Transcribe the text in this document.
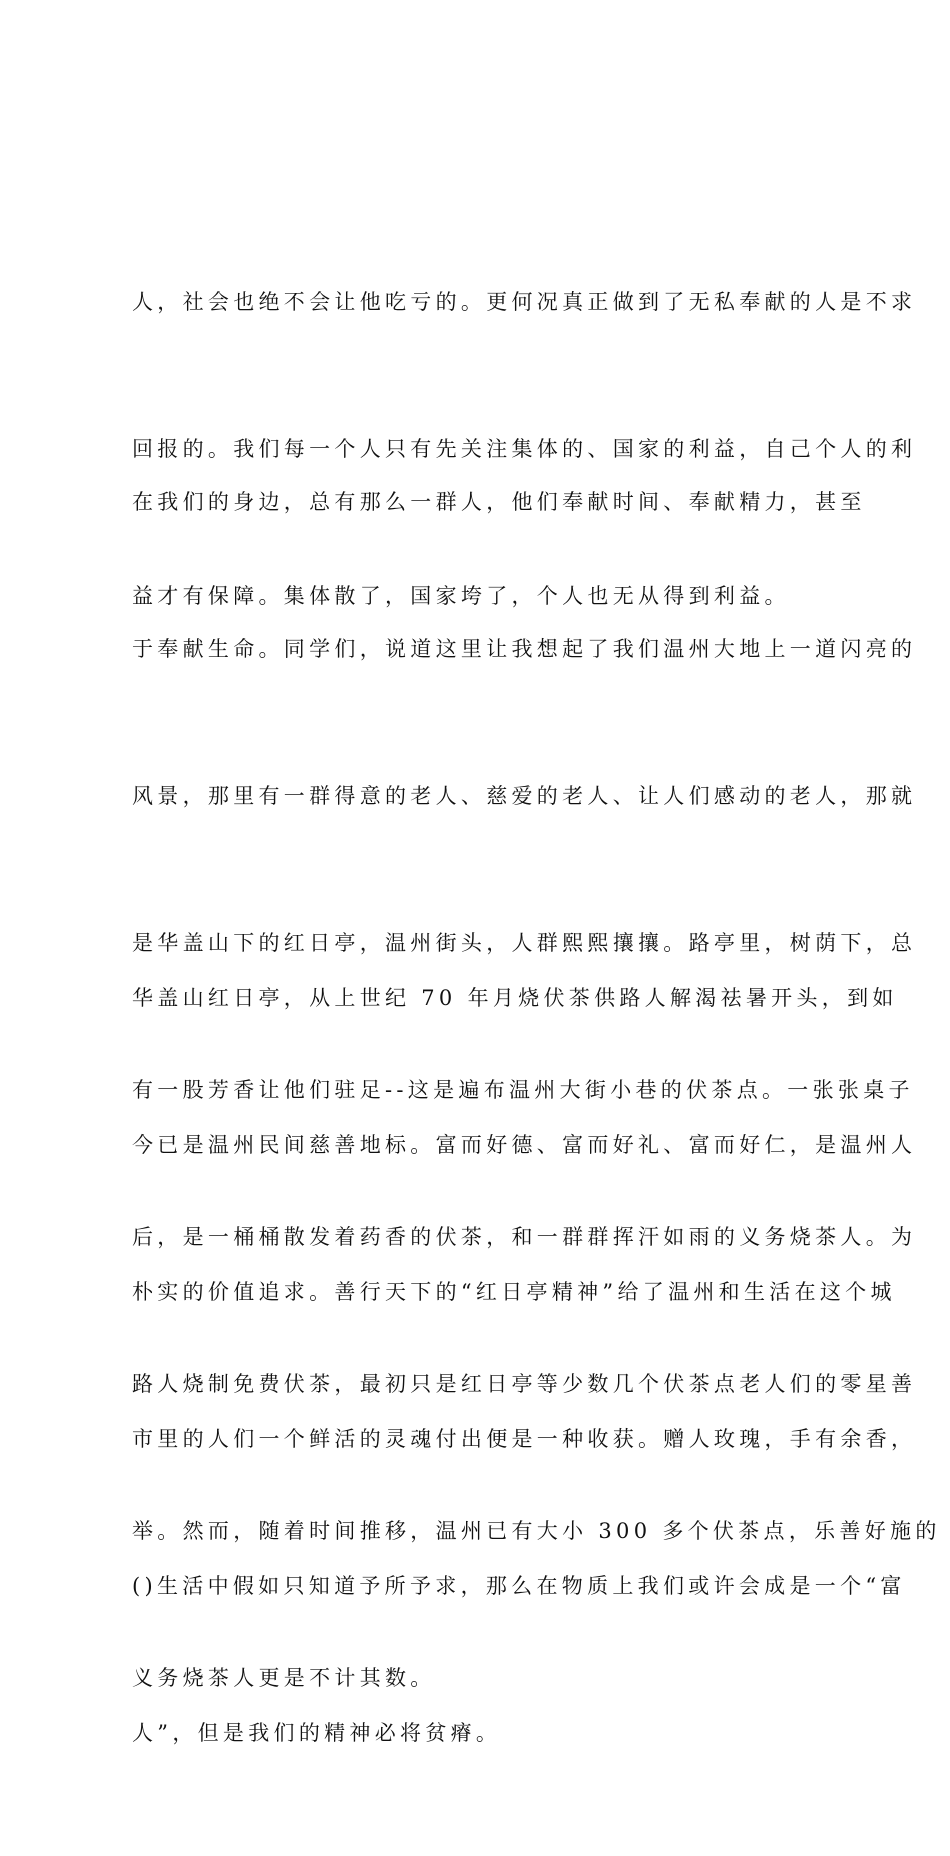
人，社会也绝不会让他吃亏的。更何况真正做到了无私奉献的人是不求

回报的。我们每一个人只有先关注集体的、国家的利益，自己个人的利

益才有保障。集体散了，国家垮了，个人也无从得到利益。

在我们的身边，总有那么一群人，他们奉献时间、奉献精力，甚至

于奉献生命。同学们，说道这里让我想起了我们温州大地上一道闪亮的

风景，那里有一群得意的老人、慈爱的老人、让人们感动的老人，那就

是华盖山下的红日亭，温州街头，人群熙熙攘攘。路亭里，树荫下，总

有一股芳香让他们驻足--这是遍布温州大街小巷的伏茶点。一张张桌子

后，是一桶桶散发着药香的伏茶，和一群群挥汗如雨的义务烧茶人。为

路人烧制免费伏茶，最初只是红日亭等少数几个伏茶点老人们的零星善

举。然而，随着时间推移，温州已有大小 300 多个伏茶点，乐善好施的

义务烧茶人更是不计其数。

华盖山红日亭，从上世纪 70 年月烧伏茶供路人解渴祛暑开头，到如

今已是温州民间慈善地标。富而好德、富而好礼、富而好仁，是温州人

朴实的价值追求。善行天下的“红日亭精神”给了温州和生活在这个城

市里的人们一个鲜活的灵魂付出便是一种收获。赠人玫瑰，手有余香，

()生活中假如只知道予所予求，那么在物质上我们或许会成是一个“富

人”，但是我们的精神必将贫瘠。
